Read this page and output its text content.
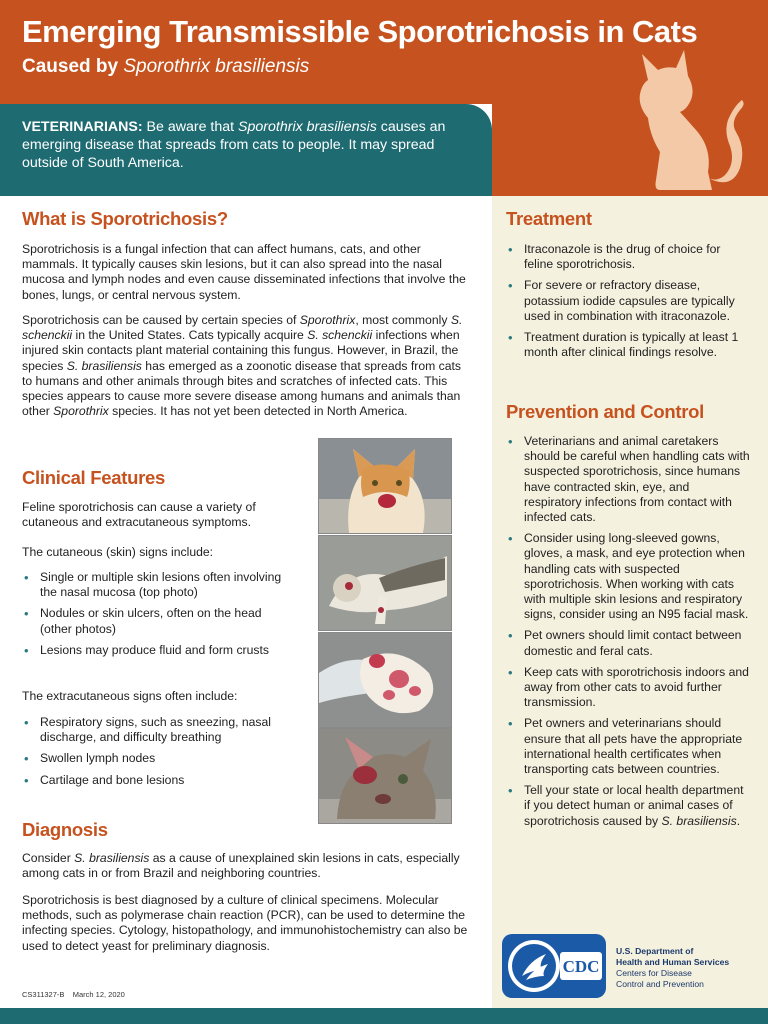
Emerging Transmissible Sporotrichosis in Cats

Caused by Sporothrix brasiliensis

VETERINARIANS: Be aware that Sporothrix brasiliensis causes an emerging disease that spreads from cats to people. It may spread outside of South America.

What is Sporotrichosis?

Sporotrichosis is a fungal infection that can affect humans, cats, and other mammals. It typically causes skin lesions, but it can also spread into the nasal mucosa and lymph nodes and even cause disseminated infections that involve the bones, lungs, or central nervous system.

Sporotrichosis can be caused by certain species of Sporothrix, most commonly S. schenckii in the United States. Cats typically acquire S. schenckii infections when injured skin contacts plant material containing this fungus. However, in Brazil, the species S. brasiliensis has emerged as a zoonotic disease that spreads from cats to humans and other animals through bites and scratches of infected cats. This species appears to cause more severe disease among humans and animals than other Sporothrix species. It has not yet been detected in North America.

Clinical Features

Feline sporotrichosis can cause a variety of cutaneous and extracutaneous symptoms.

The cutaneous (skin) signs include:

• Single or multiple skin lesions often involving the nasal mucosa (top photo)
• Nodules or skin ulcers, often on the head (other photos)
• Lesions may produce fluid and form crusts

The extracutaneous signs often include:

• Respiratory signs, such as sneezing, nasal discharge, and difficulty breathing
• Swollen lymph nodes
• Cartilage and bone lesions
Diagnosis

Consider S. brasiliensis as a cause of unexplained skin lesions in cats, especially among cats in or from Brazil and neighboring countries.

Sporotrichosis is best diagnosed by a culture of clinical specimens. Molecular methods, such as polymerase chain reaction (PCR), can be used to determine the infecting species. Cytology, histopathology, and immunohistochemistry can also be used to detect yeast for preliminary diagnosis.

Treatment
• Itraconazole is the drug of choice for feline sporotrichosis.
• For severe or refractory disease, potassium iodide capsules are typically used in combination with itraconazole.
• Treatment duration is typically at least 1 month after clinical findings resolve.
Prevention and Control
• Veterinarians and animal caretakers should be careful when handling cats with suspected sporotrichosis, since humans have contracted skin, eye, and respiratory infections from contact with infected cats.
• Consider using long-sleeved gowns, gloves, a mask, and eye protection when handling cats with suspected sporotrichosis. When working with cats with multiple skin lesions and respiratory signs, consider using an N95 facial mask.
• Pet owners should limit contact between domestic and feral cats.
• Keep cats with sporotrichosis indoors and away from other cats to avoid further transmission.
• Pet owners and veterinarians should ensure that all pets have the appropriate international health certificates when transporting cats between countries.
• Tell your state or local health department if you detect human or animal cases of sporotrichosis caused by S. brasiliensis.
CDC
U.S. Department of
Health and Human Services
Centers for Disease
Control and Prevention
CS311327-B March 12, 2020
